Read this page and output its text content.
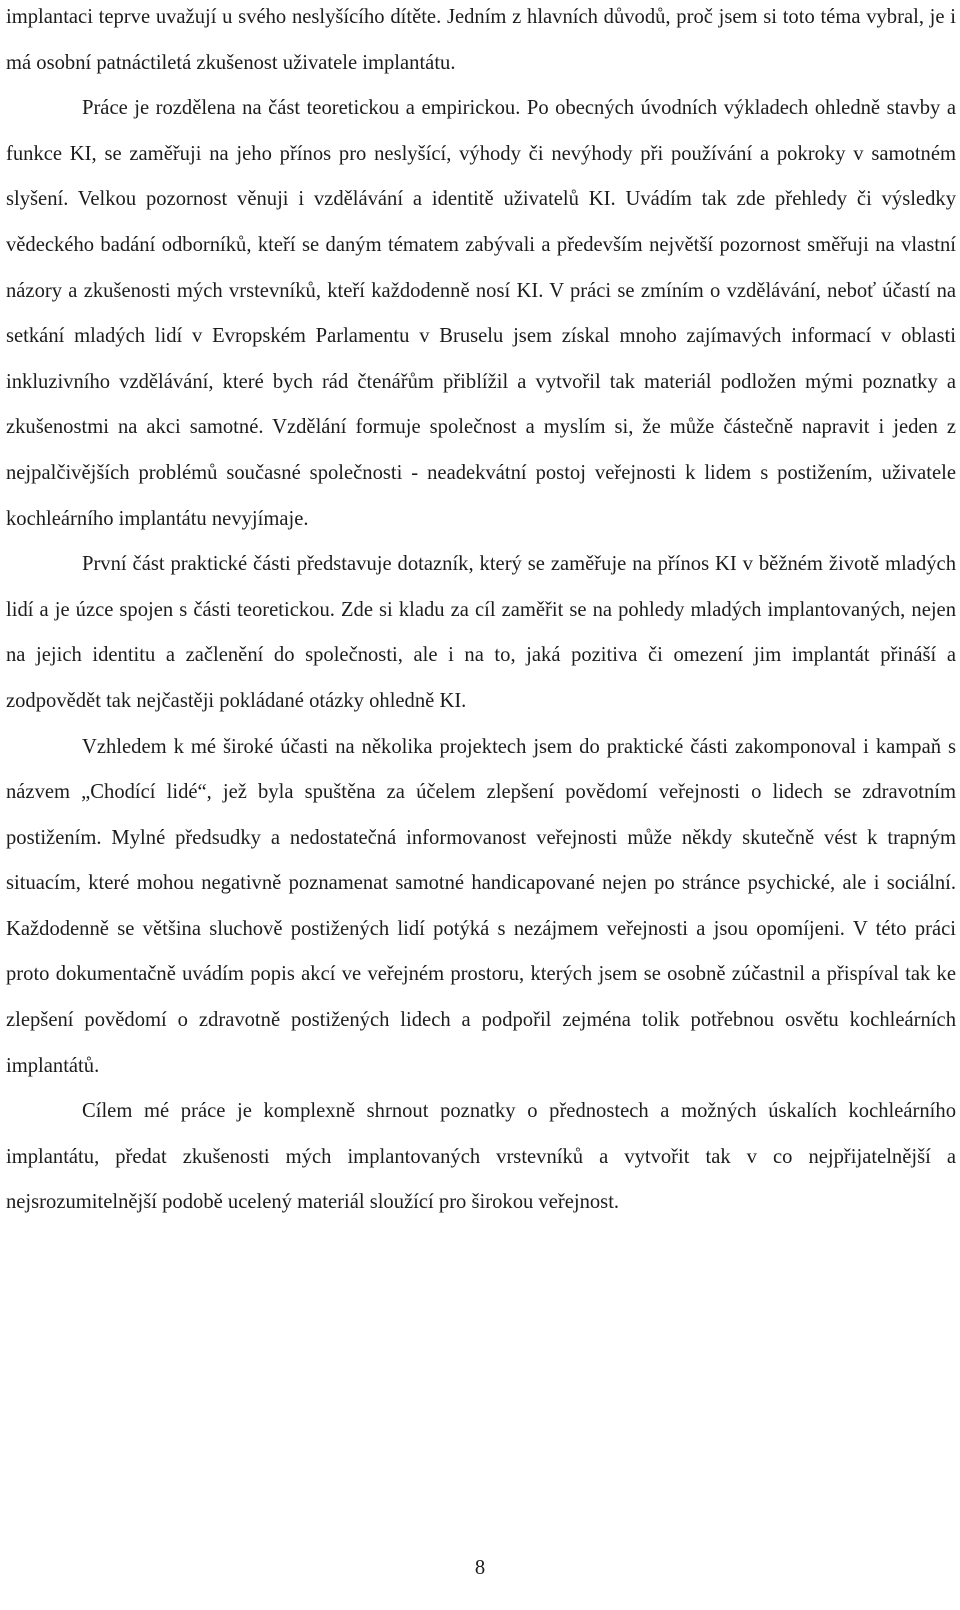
implantaci teprve uvažují u svého neslyšícího dítěte. Jedním z hlavních důvodů, proč jsem si toto téma vybral, je i má osobní patnáctiletá zkušenost uživatele implantátu.

Práce je rozdělena na část teoretickou a empirickou. Po obecných úvodních výkladech ohledně stavby a funkce KI, se zaměřuji na jeho přínos pro neslyšící, výhody či nevýhody při používání a pokroky v samotném slyšení. Velkou pozornost věnuji i vzdělávání a identitě uživatelů KI. Uvádím tak zde přehledy či výsledky vědeckého badání odborníků, kteří se daným tématem zabývali a především největší pozornost směřuji na vlastní názory a zkušenosti mých vrstevníků, kteří každodenně nosí KI. V práci se zmíním o vzdělávání, neboť účastí na setkání mladých lidí v Evropském Parlamentu v Bruselu jsem získal mnoho zajímavých informací v oblasti inkluzivního vzdělávání, které bych rád čtenářům přiblížil a vytvořil tak materiál podložen mými poznatky a zkušenostmi na akci samotné. Vzdělání formuje společnost a myslím si, že může částečně napravit i jeden z nejpalčivějších problémů současné společnosti - neadekvátní postoj veřejnosti k lidem s postižením, uživatele kochleárního implantátu nevyjímaje.

První část praktické části představuje dotazník, který se zaměřuje na přínos KI v běžném životě mladých lidí a je úzce spojen s části teoretickou. Zde si kladu za cíl zaměřit se na pohledy mladých implantovaných, nejen na jejich identitu a začlenění do společnosti, ale i na to, jaká pozitiva či omezení jim implantát přináší a zodpovědět tak nejčastěji pokládané otázky ohledně KI.

Vzhledem k mé široké účasti na několika projektech jsem do praktické části zakomponoval i kampaň s názvem „Chodící lidé“, jež byla spuštěna za účelem zlepšení povědomí veřejnosti o lidech se zdravotním postižením. Mylné předsudky a nedostatečná informovanost veřejnosti může někdy skutečně vést k trapným situacím, které mohou negativně poznamenat samotné handicapované nejen po stránce psychické, ale i sociální. Každodenně se většina sluchově postižených lidí potýká s nezájmem veřejnosti a jsou opomíjeni. V této práci proto dokumentačně uvádím popis akcí ve veřejném prostoru, kterých jsem se osobně zúčastnil a přispíval tak ke zlepšení povědomí o zdravotně postižených lidech a podpořil zejména tolik potřebnou osvětu kochleárních implantátů.

Cílem mé práce je komplexně shrnout poznatky o přednostech a možných úskalích kochleárního implantátu, předat zkušenosti mých implantovaných vrstevníků a vytvořit tak v co nejpřijatelnější a nejsrozumitelnější podobě ucelený materiál sloužící pro širokou veřejnost.

8
